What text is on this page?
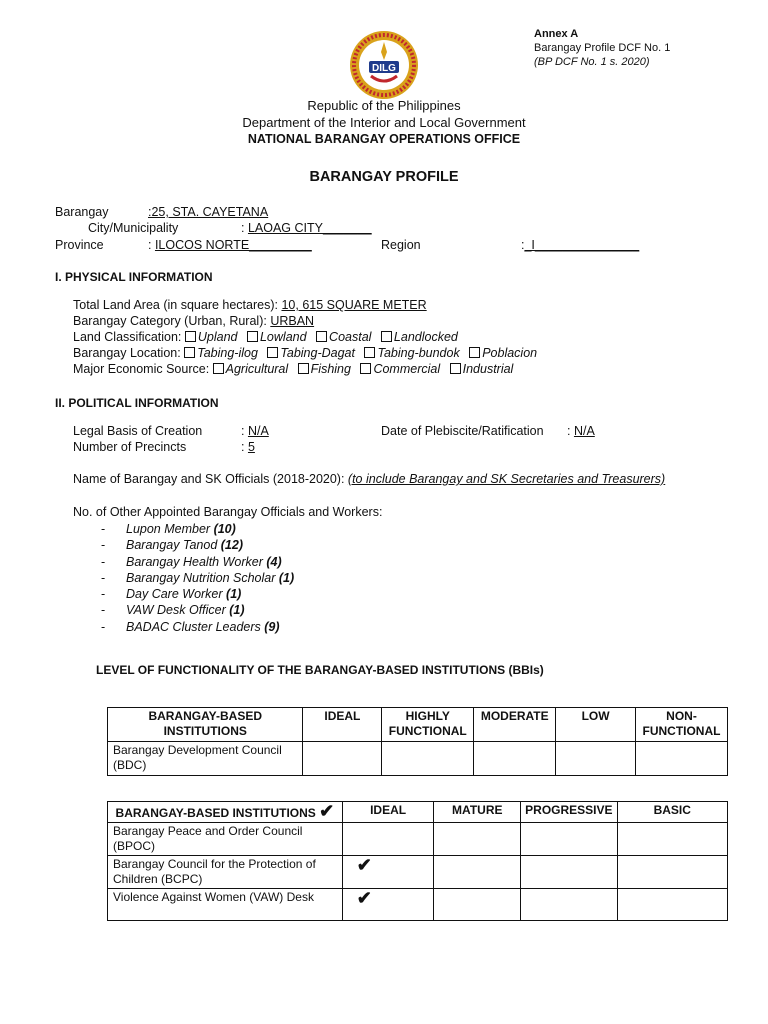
Annex A
Barangay Profile DCF No. 1
(BP DCF No. 1 s. 2020)
DILG
Republic of the Philippines
Department of the Interior and Local Government
NATIONAL BARANGAY OPERATIONS OFFICE
BARANGAY PROFILE
Barangay	:25, STA. CAYETANA
City/Municipality	: LAOAG CITY_______
Province	: ILOCOS NORTE_________	Region	:_I_______________
I. PHYSICAL INFORMATION
Total Land Area (in square hectares): 10, 615 SQUARE METER
Barangay Category (Urban, Rural): URBAN
Land Classification: Upland Lowland Coastal Landlocked
Barangay Location: Tabing-ilog Tabing-Dagat Tabing-bundok Poblacion
Major Economic Source: Agricultural Fishing Commercial Industrial
II. POLITICAL INFORMATION
Legal Basis of Creation	: N/A	Date of Plebiscite/Ratification : N/A
Number of Precincts	: 5
Name of Barangay and SK Officials (2018-2020): (to include Barangay and SK Secretaries and Treasurers)
No. of Other Appointed Barangay Officials and Workers:
- Lupon Member (10)
- Barangay Tanod (12)
- Barangay Health Worker (4)
- Barangay Nutrition Scholar (1)
- Day Care Worker (1)
- VAW Desk Officer (1)
- BADAC Cluster Leaders (9)
LEVEL OF FUNCTIONALITY OF THE BARANGAY-BASED INSTITUTIONS (BBIs)
BARANGAY-BASED INSTITUTIONS	IDEAL	HIGHLY FUNCTIONAL	MODERATE	LOW	NON-FUNCTIONAL
Barangay Development Council (BDC)					
BARANGAY-BASED INSTITUTIONS ✔	IDEAL	MATURE	PROGRESSIVE	BASIC
Barangay Peace and Order Council (BPOC)				
Barangay Council for the Protection of Children (BCPC)	✔			
Violence Against Women (VAW) Desk	✔			
